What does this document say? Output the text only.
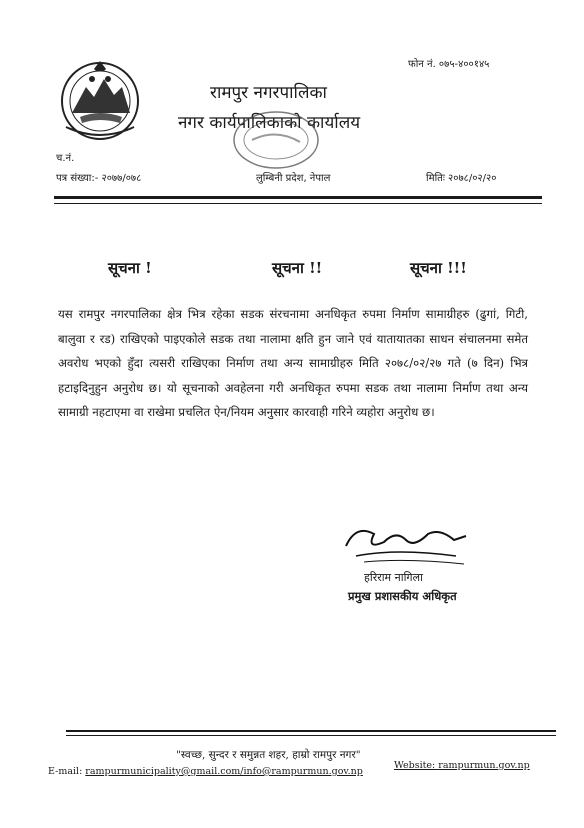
फोन नं. ०७५-४००१४५
रामपुर नगरपालिका
नगर कार्यपालिकाको कार्यालय
च.नं.
पत्र संख्या:- २०७७/०७८	लुम्बिनी प्रदेश, नेपाल	मितिः २०७८/०२/२०
सूचना !	सूचना !!	सूचना !!!
यस रामपुर नगरपालिका क्षेत्र भित्र रहेका सडक संरचनामा अनधिकृत रुपमा निर्माण सामाग्रीहरु (ढुगां, गिटी, बालुवा र रड) राखिएको पाइएकोले सडक तथा नालामा क्षति हुन जाने एवं यातायातका साधन संचालनमा समेत अवरोध भएको हुँदा त्यसरी राखिएका निर्माण तथा अन्य सामाग्रीहरु मिति २०७८/०२/२७ गते (७ दिन) भित्र हटाइदिनुहुन अनुरोध छ। यो सूचनाको अवहेलना गरी अनधिकृत रुपमा सडक तथा नालामा निर्माण तथा अन्य सामाग्री नहटाएमा वा राखेमा प्रचलित ऐन/नियम अनुसार कारवाही गरिने व्यहोरा अनुरोध छ।
हरिराम नागिला
प्रमुख प्रशासकीय अधिकृत
"स्वच्छ, सुन्दर र समुन्नत शहर, हाम्रो रामपुर नगर"
E-mail: rampurmunicipality@gmail.com/info@rampurmun.gov.np
Website: rampurmun.gov.np
